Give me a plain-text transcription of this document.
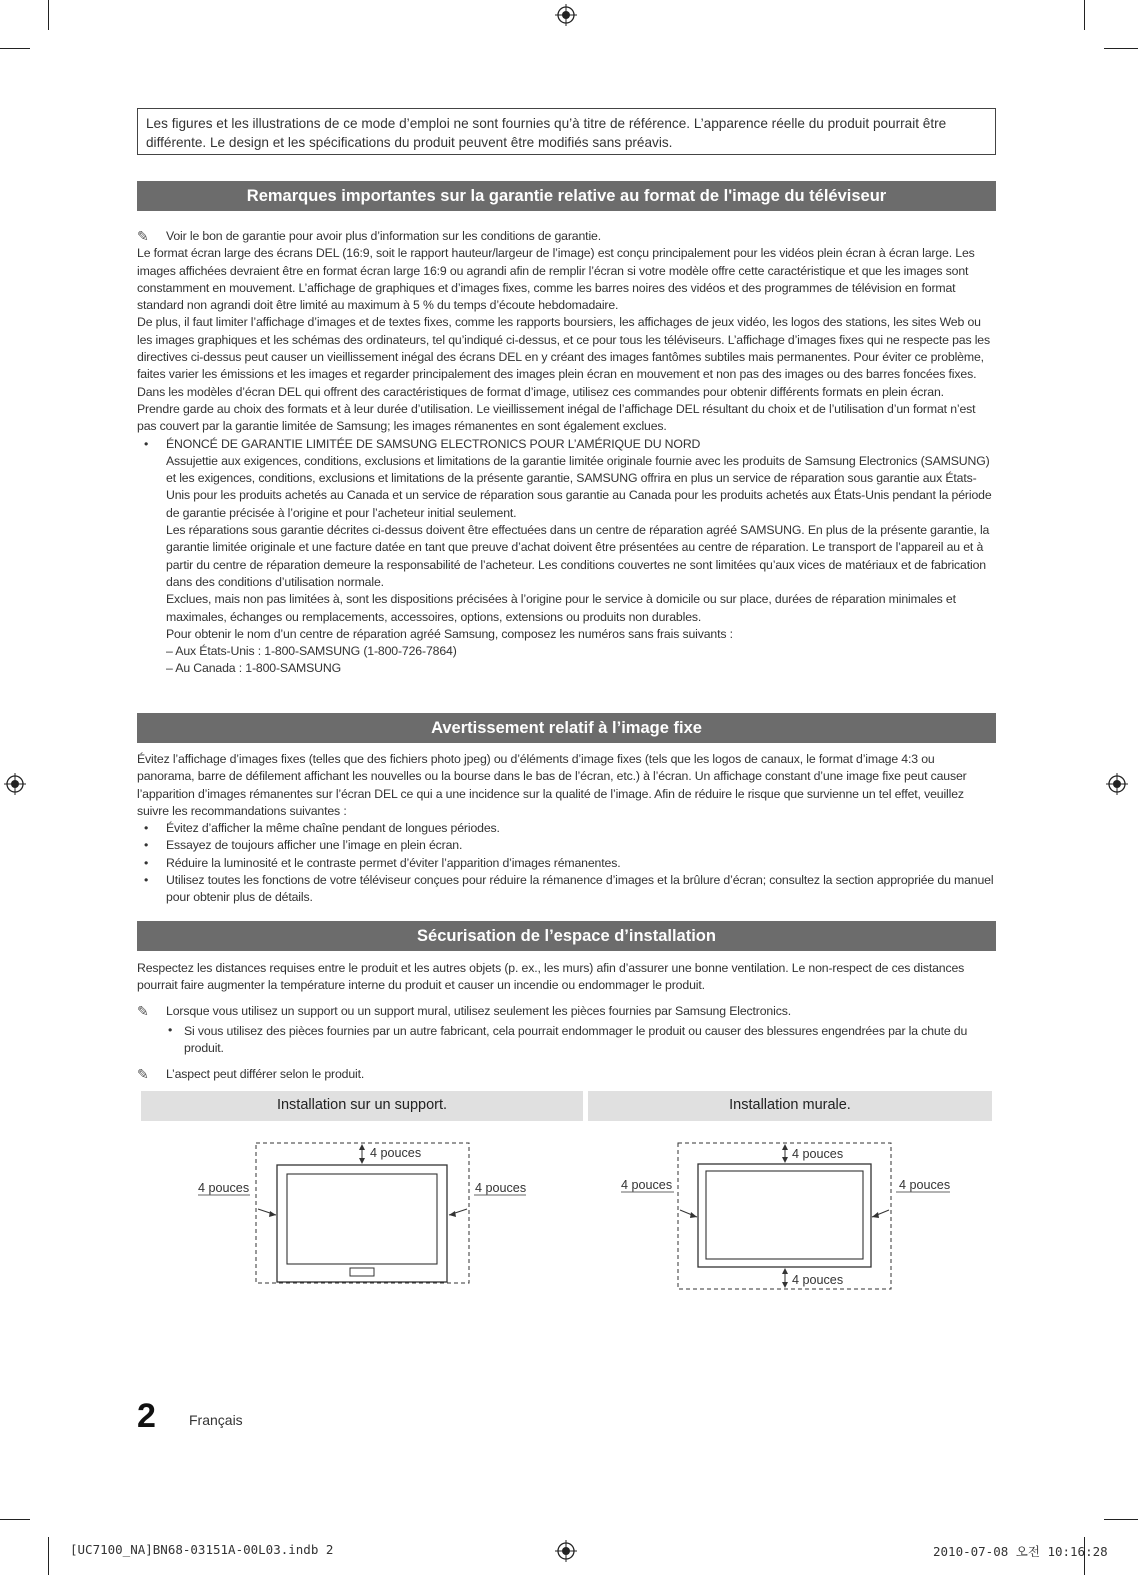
Les figures et les illustrations de ce mode d’emploi ne sont fournies qu’à titre de référence. L’apparence réelle du produit pourrait être différente. Le design et les spécifications du produit peuvent être modifiés sans préavis.
Remarques importantes sur la garantie relative au format de l'image du téléviseur
✎ Voir le bon de garantie pour avoir plus d’information sur les conditions de garantie.

Le format écran large des écrans DEL (16:9, soit le rapport hauteur/largeur de l’image) est conçu principalement pour les vidéos plein écran à écran large. Les images affichées devraient être en format écran large 16:9 ou agrandi afin de remplir l’écran si votre modèle offre cette caractéristique et que les images sont constamment en mouvement. L’affichage de graphiques et d’images fixes, comme les barres noires des vidéos et des programmes de télévision en format standard non agrandi doit être limité au maximum à 5 % du temps d’écoute hebdomadaire.

De plus, il faut limiter l’affichage d’images et de textes fixes, comme les rapports boursiers, les affichages de jeux vidéo, les logos des stations, les sites Web ou les images graphiques et les schémas des ordinateurs, tel qu’indiqué ci-dessus, et ce pour tous les téléviseurs. L’affichage d’images fixes qui ne respecte pas les directives ci-dessus peut causer un vieillissement inégal des écrans DEL en y créant des images fantômes subtiles mais permanentes. Pour éviter ce problème, faites varier les émissions et les images et regarder principalement des images plein écran en mouvement et non pas des images ou des barres foncées fixes. Dans les modèles d’écran DEL qui offrent des caractéristiques de format d’image, utilisez ces commandes pour obtenir différents formats en plein écran.

Prendre garde au choix des formats et à leur durée d’utilisation. Le vieillissement inégal de l’affichage DEL résultant du choix et de l’utilisation d’un format n’est pas couvert par la garantie limitée de Samsung; les images rémanentes en sont également exclues.

• ÉNONCÉ DE GARANTIE LIMITÉE DE SAMSUNG ELECTRONICS POUR L’AMÉRIQUE DU NORD

Assujettie aux exigences, conditions, exclusions et limitations de la garantie limitée originale fournie avec les produits de Samsung Electronics (SAMSUNG) et les exigences, conditions, exclusions et limitations de la présente garantie, SAMSUNG offrira en plus un service de réparation sous garantie aux États-Unis pour les produits achetés au Canada et un service de réparation sous garantie au Canada pour les produits achetés aux États-Unis pendant la période de garantie précisée à l’origine et pour l’acheteur initial seulement.

Les réparations sous garantie décrites ci-dessus doivent être effectuées dans un centre de réparation agréé SAMSUNG. En plus de la présente garantie, la garantie limitée originale et une facture datée en tant que preuve d’achat doivent être présentées au centre de réparation. Le transport de l’appareil au et à partir du centre de réparation demeure la responsabilité de l’acheteur. Les conditions couvertes ne sont limitées qu’aux vices de matériaux et de fabrication dans des conditions d’utilisation normale.

Exclues, mais non pas limitées à, sont les dispositions précisées à l’origine pour le service à domicile ou sur place, durées de réparation minimales et maximales, échanges ou remplacements, accessoires, options, extensions ou produits non durables.

Pour obtenir le nom d’un centre de réparation agréé Samsung, composez les numéros sans frais suivants :

– Aux États-Unis : 1-800-SAMSUNG (1-800-726-7864)

– Au Canada : 1-800-SAMSUNG

Avertissement relatif à l’image fixe

Évitez l’affichage d’images fixes (telles que des fichiers photo jpeg) ou d’éléments d’image fixes (tels que les logos de canaux, le format d’image 4:3 ou panorama, barre de défilement affichant les nouvelles ou la bourse dans le bas de l’écran, etc.) à l’écran. Un affichage constant d’une image fixe peut causer l’apparition d’images rémanentes sur l’écran DEL ce qui a une incidence sur la qualité de l’image. Afin de réduire le risque que survienne un tel effet, veuillez suivre les recommandations suivantes :

• Évitez d’afficher la même chaîne pendant de longues périodes.
• Essayez de toujours afficher une l’image en plein écran.
• Réduire la luminosité et le contraste permet d’éviter l’apparition d’images rémanentes.
• Utilisez toutes les fonctions de votre téléviseur conçues pour réduire la rémanence d’images et la brûlure d’écran; consultez la section appropriée du manuel pour obtenir plus de détails.
Sécurisation de l’espace d’installation

Respectez les distances requises entre le produit et les autres objets (p. ex., les murs) afin d’assurer une bonne ventilation. Le non-respect de ces distances pourrait faire augmenter la température interne du produit et causer un incendie ou endommager le produit.

✎ Lorsque vous utilisez un support ou un support mural, utilisez seulement les pièces fournies par Samsung Electronics.
• Si vous utilisez des pièces fournies par un autre fabricant, cela pourrait endommager le produit ou causer des blessures engendrées par la chute du produit.
✎ L’aspect peut différer selon le produit.
Installation sur un support.	Installation murale.
4 pouces
4 pouces	4 pouces
4 pouces
4 pouces	4 pouces
4 pouces
2 Français
[UC7100_NA]BN68-03151A-00L03.indb 2	2010-07-08 오전 10:16:28
